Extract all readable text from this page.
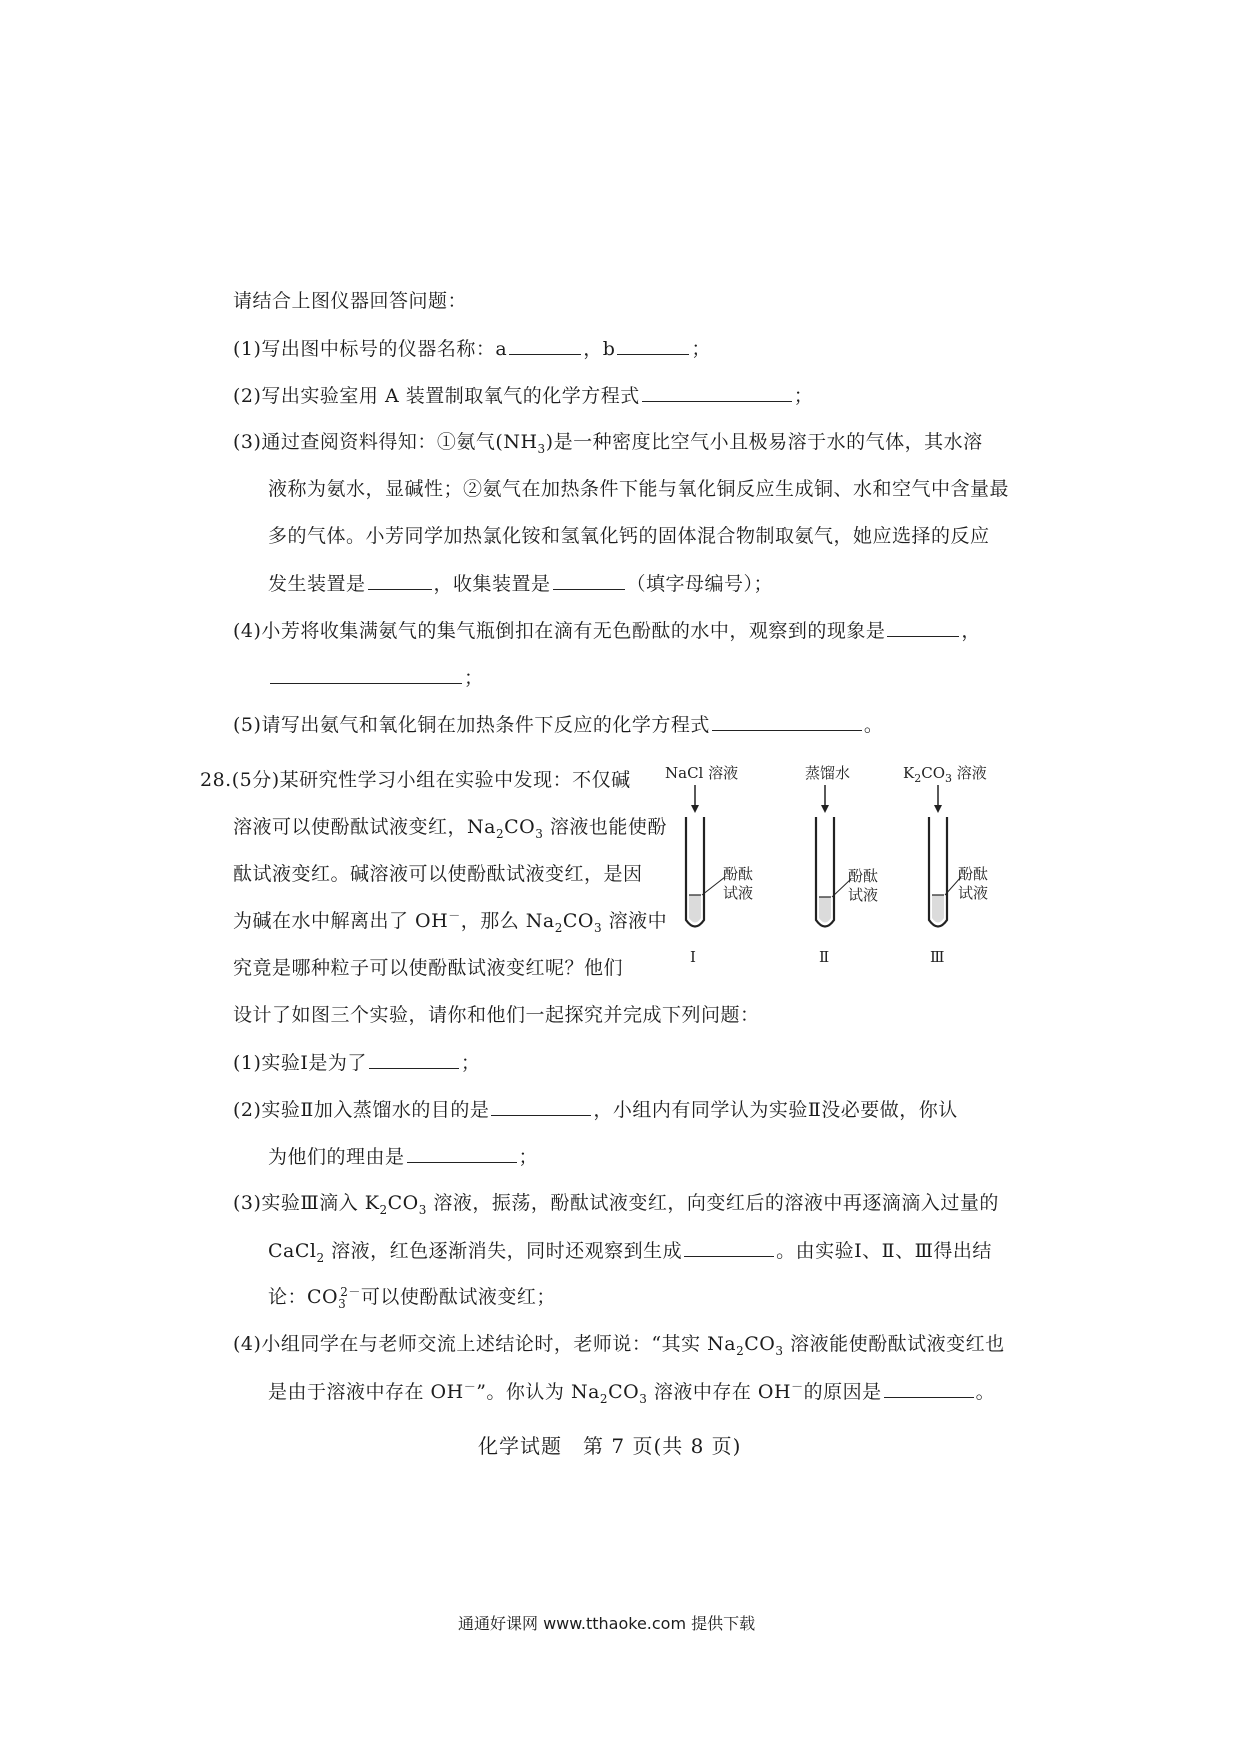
请结合上图仪器回答问题：
(1)写出图中标号的仪器名称：a	，b	；
(2)写出实验室用 A 装置制取氧气的化学方程式	；
(3)通过查阅资料得知：①氨气$(NH_3)$是一种密度比空气小且极易溶于水的气体，其水溶
液称为氨水，显碱性；②氨气在加热条件下能与氧化铜反应生成铜、水和空气中含量最
多的气体。小芳同学加热氯化铵和氢氧化钙的固体混合物制取氨气，她应选择的反应
发生装置是	，收集装置是	（填字母编号）；
(4)小芳将收集满氨气的集气瓶倒扣在滴有无色酚酞的水中，观察到的现象是	，
；
(5)请写出氨气和氧化铜在加热条件下反应的化学方程式	。
28.(5分)某研究性学习小组在实验中发现：不仅碱
溶液可以使酚酞试液变红，$Na_2CO_3$ 溶液也能使酚
酞试液变红。碱溶液可以使酚酞试液变红，是因
为碱在水中解离出了 OH－，那么 $Na_2CO_3$ 溶液中
究竟是哪种粒子可以使酚酞试液变红呢？他们
设计了如图三个实验，请你和他们一起探究并完成下列问题：
NaCl 溶液
酚酞
试液
Ⅰ
蒸馏水
酚酞
试液
Ⅱ
$K_2CO_3$ 溶液
酚酞
试液
Ⅲ
(1)实验Ⅰ是为了	；
(2)实验Ⅱ加入蒸馏水的目的是	，小组内有同学认为实验Ⅱ没必要做，你认
为他们的理由是	；
(3)实验Ⅲ滴入 $K_2CO_3$ 溶液，振荡，酚酞试液变红，向变红后的溶液中再逐滴滴入过量的
CaCl$_2$ 溶液，红色逐渐消失，同时还观察到生成	。由实验Ⅰ、Ⅱ、Ⅲ得出结
论：$CO_3^{2-}$可以使酚酞试液变红；
(4)小组同学在与老师交流上述结论时，老师说：“其实 $Na_2CO_3$ 溶液能使酚酞试液变红也
是由于溶液中存在 OH－”。你认为 $Na_2CO_3$ 溶液中存在 OH－的原因是	。
化学试题　第 7 页(共 8 页)
通通好课网 www.tthaoke.com 提供下载
